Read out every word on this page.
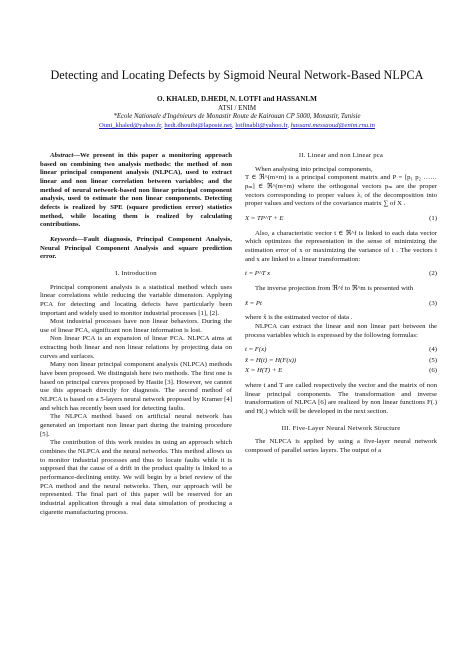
Detecting and Locating Defects by Sigmoid Neural Network-Based NLPCA
O. KHALED, D.HEDI, N. LOTFI and HASSANLM
ATSI / ENIM
*Ecole Nationale d'Ingénieurs de Monastir Route de Kairouan CP 5000, Monastir, Tunisie
Ouni_khaled@yahoo.fr, hedi.dhouibi@laposte.net, lotfinabli@yahoo.fr, hassani.messaoud@enim.rnu.tn

Abstract—We present in this paper a monitoring approach based on combining two analysis methods: the method of non linear principal component analysis (NLPCA), used to extract linear and non linear correlation between variables; and the method of neural network-based non linear principal component analysis, used to estimate the non linear components. Detecting defects is realized by SPE (square prediction error) statistics method, while locating them is realized by calculating contributions.

Keywords—Fault diagnosis, Principal Component Analysis, Neural Principal Component Analysis and square prediction error.

I. Introduction

Principal component analysis is a statistical method which uses linear correlations while reducing the variable dimension. Applying PCA for detecting and locating defects have particularly been important and widely used to monitor industrial processes [1], [2].

Most industrial processes have non linear behaviors. During the use of linear PCA, significant non linear information is lost.

Non linear PCA is an expansion of linear PCA. NLPCA aims at extracting both linear and non linear relations by projecting data on curves and surfaces.

Many non linear principal component analysis (NLPCA) methods have been proposed. We distinguish here two methods. The first one is based on principal curves proposed by Hastie [3]. However, we cannot use this approach directly for diagnosis. The second method of NLPCA is based on a 5-layers neural network proposed by Kramer [4] and which has recently been used for detecting faults.

The NLPCA method based on artificial neural network has generated an important non linear part during the training procedure [5].

The contribution of this work resides in using an approach which combines the NLPCA and the neural networks. This method allows us to monitor industrial processes and thus to locate faults while it is supposed that the cause of a drift in the product quality is linked to a performance-declining entity. We will begin by a brief review of the PCA method and the neural networks. Then, our approach will be represented. The final part of this paper will be reserved for an industrial application through a real data simulation of producing a cigarette manufacturing process.

II. Linear and non Linear pca

When analysing into principal components,

T ∈ ℜ^(m×m) is a principal component matrix and P = [p₁ p₂ …… pₘ] ∈ ℜ^(m×m) where the orthogonal vectors pₘ are the proper vectors corresponding to proper values λᵢ of the decomposition into proper values and vectors of the covariance matrix ∑ of X .

X = TP^T + E	(1)

Also, a characteristic vector t ∈ ℜ^f is linked to each data vector which optimizes the representation in the sense of minimizing the estimation error of x or maximizing the variance of t . The vectors t and x are linked to a linear transformation:

t = P^T x	(2)

The inverse projection from ℜ^f to ℜ^m is presented with

x̂ = Pt	(3)

where x̂ is the estimated vector of data .

NLPCA can extract the linear and non linear part between the process variables which is expressed by the following formulas:

t = F(x)	(4)
x̂ = H(t) = H(F(x))	(5)
X = H(T) + E	(6)

where t and T are called respectively the vector and the matrix of non linear principal components. The transformation and inverse transformation of NLPCA [6] are realized by non linear functions F(.) and H(.) which will be developed in the next section.

III. Five-Layer Neural Network Structure

The NLPCA is applied by using a five-layer neural network composed of parallel series layers. The output of a
